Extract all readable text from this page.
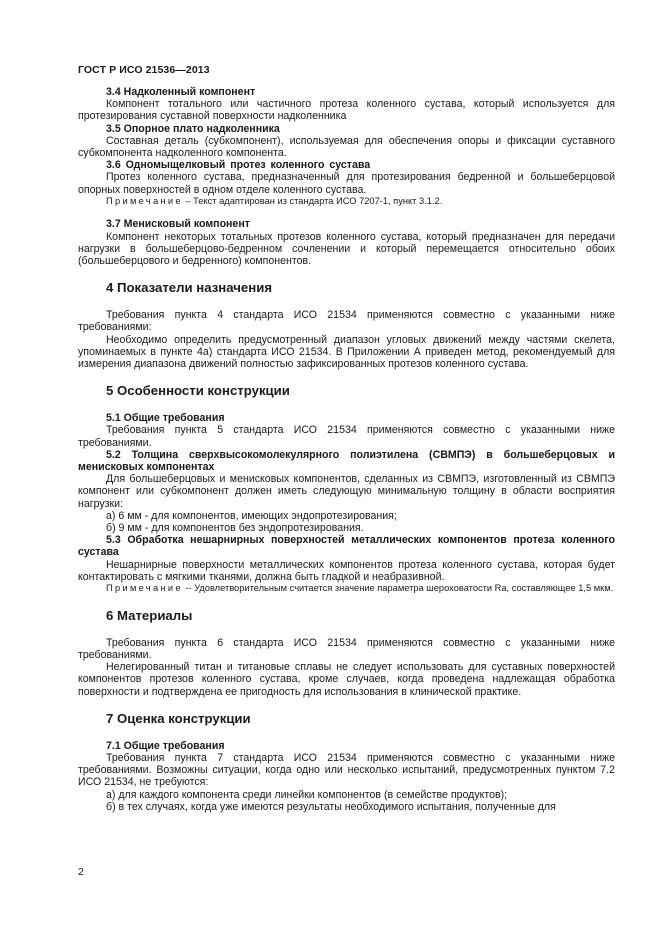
ГОСТ Р ИСО 21536—2013

3.4 Надколенный компонент

Компонент тотального или частичного протеза коленного сустава, который используется для протезирования суставной поверхности надколенника

3.5 Опорное плато надколенника

Составная деталь (субкомпонент), используемая для обеспечения опоры и фиксации суставного субкомпонента надколенного компонента.

3.6 Одномыщелковый протез коленного сустава

Протез коленного сустава, предназначенный для протезирования бедренной и большеберцовой опорных поверхностей в одном отделе коленного сустава.

Примечание – Текст адаптирован из стандарта ИСО 7207-1, пункт 3.1.2.

3.7 Менисковый компонент

Компонент некоторых тотальных протезов коленного сустава, который предназначен для передачи нагрузки в большеберцово-бедренном сочленении и который перемещается относительно обоих (большеберцового и бедренного) компонентов.

4 Показатели назначения

Требования пункта 4 стандарта ИСО 21534 применяются совместно с указанными ниже требованиями:

Необходимо определить предусмотренный диапазон угловых движений между частями скелета, упоминаемых в пункте 4а) стандарта ИСО 21534. В Приложении А приведен метод, рекомендуемый для измерения диапазона движений полностью зафиксированных протезов коленного сустава.

5 Особенности конструкции

5.1 Общие требования

Требования пункта 5 стандарта ИСО 21534 применяются совместно с указанными ниже требованиями.

5.2 Толщина сверхвысокомолекулярного полиэтилена (СВМПЭ) в большеберцовых и менисковых компонентах

Для большеберцовых и менисковых компонентов, сделанных из СВМПЭ, изготовленный из СВМПЭ компонент или субкомпонент должен иметь следующую минимальную толщину в области восприятия нагрузки:

а) 6 мм - для компонентов, имеющих эндопротезирования;

б) 9 мм - для компонентов без эндопротезирования.

5.3 Обработка нешарнирных поверхностей металлических компонентов протеза коленного сустава

Нешарнирные поверхности металлических компонентов протеза коленного сустава, которая будет контактировать с мягкими тканями, должна быть гладкой и неабразивной.

Примечание -- Удовлетворительным считается значение параметра шероховатости Ra, составляющее 1,5 мкм.

6 Материалы

Требования пункта 6 стандарта ИСО 21534 применяются совместно с указанными ниже требованиями.

Нелегированный титан и титановые сплавы не следует использовать для суставных поверхностей компонентов протезов коленного сустава, кроме случаев, когда проведена надлежащая обработка поверхности и подтверждена ее пригодность для использования в клинической практике.

7 Оценка конструкции

7.1 Общие требования

Требования пункта 7 стандарта ИСО 21534 применяются совместно с указанными ниже требованиями. Возможны ситуации, когда одно или несколько испытаний, предусмотренных пунктом 7.2 ИСО 21534, не требуются:

а) для каждого компонента среди линейки компонентов (в семействе продуктов);

б) в тех случаях, когда уже имеются результаты необходимого испытания, полученные для

2
